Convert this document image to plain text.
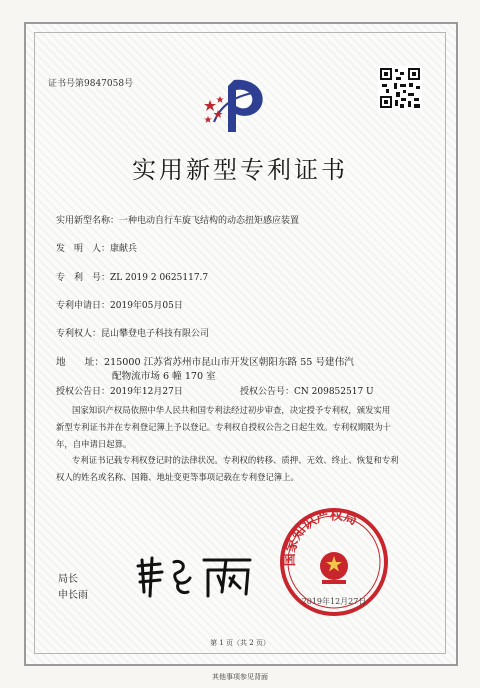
证书号第9847058号
实用新型专利证书
实用新型名称：一种电动自行车旋飞结构的动态扭矩感应装置
发　明　人：康献兵
专　利　号：ZL 2019 2 0625117.7
专利申请日：2019年05月05日
专利权人：昆山攀登电子科技有限公司
地　　址：215000 江苏省苏州市昆山市开发区朝阳东路 55 号建伟汽
配物流市场 6 幢 170 室
授权公告日：2019年12月27日	授权公告号：CN 209852517 U
国家知识产权局依照中华人民共和国专利法经过初步审查，决定授予专利权，颁发实用
新型专利证书并在专利登记簿上予以登记。专利权自授权公告之日起生效。专利权期限为十
年，自申请日起算。
专利证书记载专利权登记时的法律状况。专利权的转移、质押、无效、终止、恢复和专利
权人的姓名或名称、国籍、地址变更等事项记载在专利登记簿上。
局长
申长雨
国家知识产权局
2019年12月27日
第 1 页（共 2 页）
其他事项参见背面
